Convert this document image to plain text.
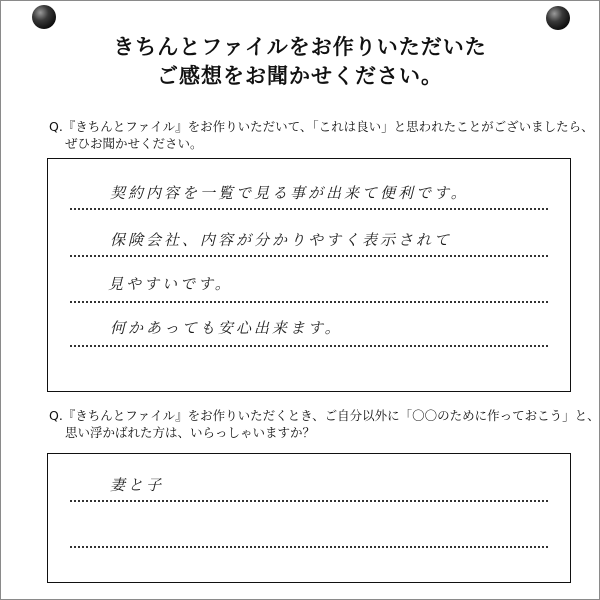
きちんとファイルをお作りいただいた
ご感想をお聞かせください。
Q.『きちんとファイル』をお作りいただいて、「これは良い」と思われたことがございましたら、
ぜひお聞かせください。
契約内容を一覧で見る事が出来て便利です。
保険会社、内容が分かりやすく表示されて
見やすいです。
何かあっても安心出来ます。
Q.『きちんとファイル』をお作りいただくとき、ご自分以外に「〇〇のために作っておこう」と、
思い浮かばれた方は、いらっしゃいますか？
妻と子
